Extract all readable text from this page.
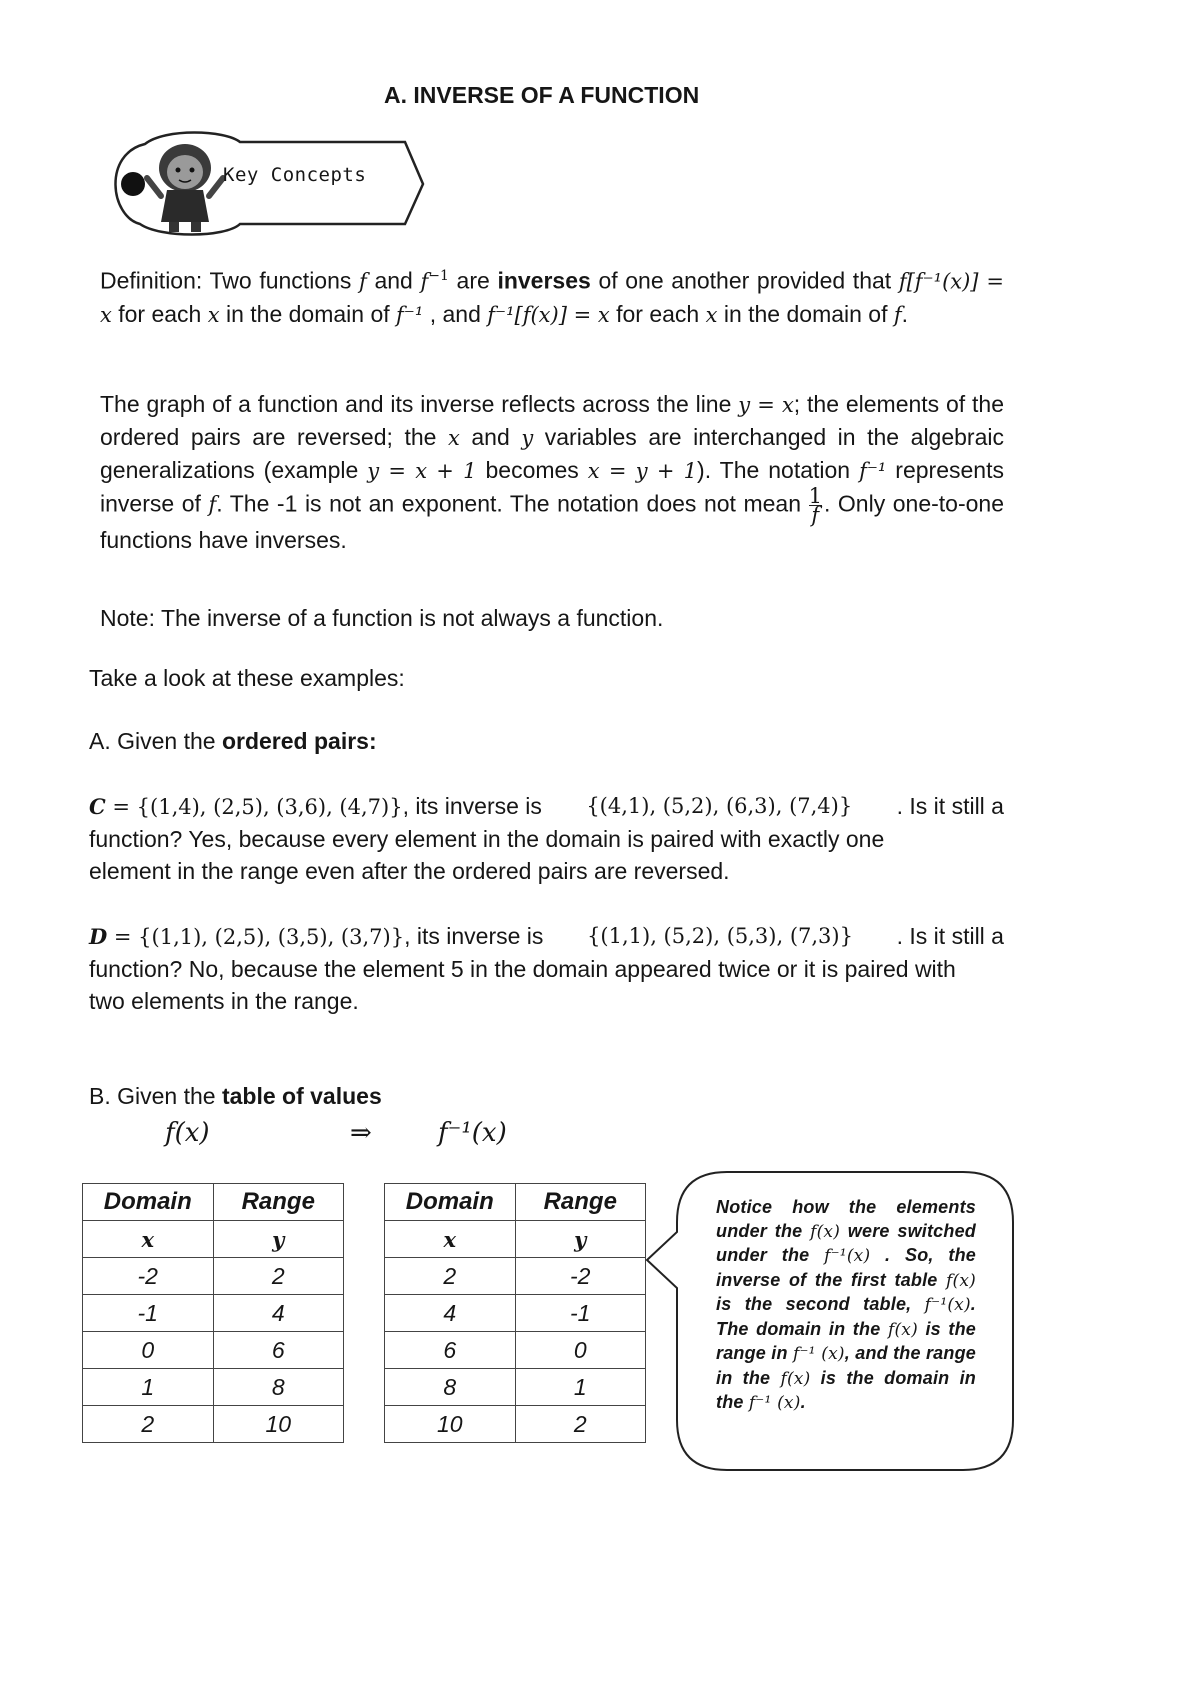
A. INVERSE OF A FUNCTION
Key Concepts
Definition: Two functions f and $f^{-1}$ are inverses of one another provided that f[f⁻¹(x)] = x for each x in the domain of f⁻¹ , and f⁻¹[f(x)] = x for each x in the domain of f.
The graph of a function and its inverse reflects across the line y = x; the elements of the ordered pairs are reversed; the x and y variables are interchanged in the algebraic generalizations (example y = x + 1 becomes x = y + 1). The notation f⁻¹ represents inverse of f. The -1 is not an exponent. The notation does not mean $\frac{1}{f}$ . Only one-to-one functions have inverses.
Note: The inverse of a function is not always a function.
Take a look at these examples:
A. Given the ordered pairs:
C = {(1,4), (2,5), (3,6), (4,7)}, its inverse is {(4,1), (5,2), (6,3), (7,4)} . Is it still a
function? Yes, because every element in the domain is paired with exactly one
element in the range even after the ordered pairs are reversed.
D = {(1,1), (2,5), (3,5), (3,7)}, its inverse is {(1,1), (5,2), (5,3), (7,3)} . Is it still a
function? No, because the element 5 in the domain appeared twice or it is paired with
two elements in the range.
B. Given the table of values
f(x)	⇒	f⁻¹(x)
Domain	Range
x	y
-2	2
-1	4
0	6
1	8
2	10
Domain	Range
x	y
2	-2
4	-1
6	0
8	1
10	2
Notice how the elements under the f(x) were switched under the f⁻¹(x) . So, the inverse of the first table f(x) is the second table, f⁻¹(x). The domain in the f(x) is the range in f⁻¹ (x), and the range in the f(x) is the domain in the f⁻¹ (x).
